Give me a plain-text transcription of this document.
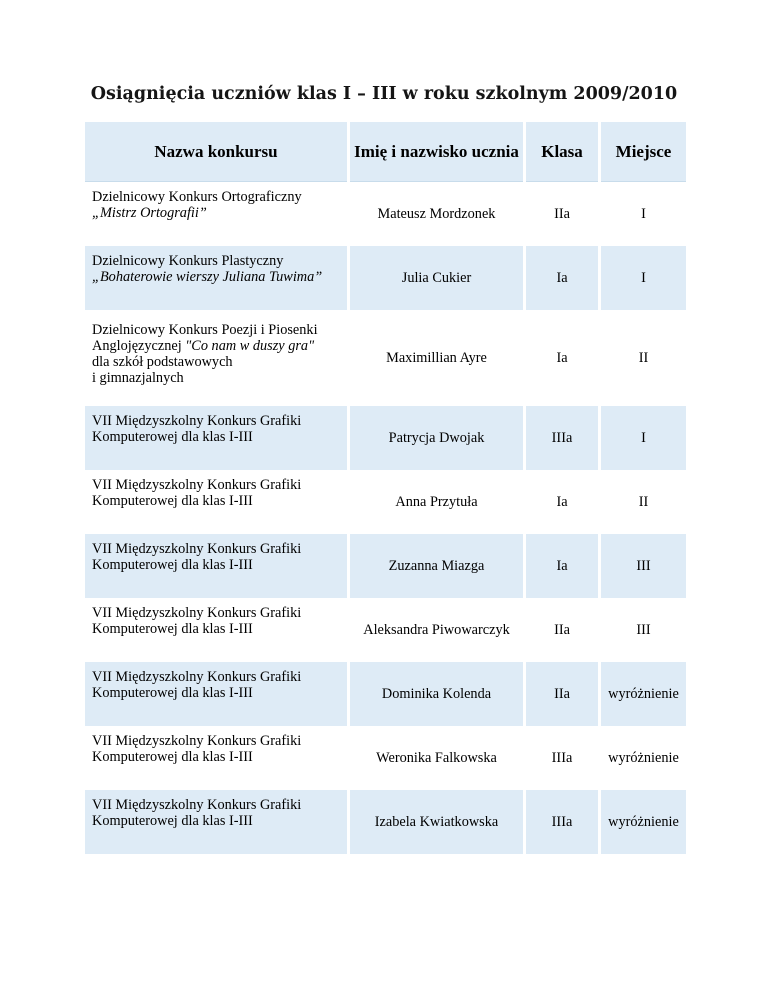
Osiągnięcia uczniów klas I – III w roku szkolnym 2009/2010
Nazwa konkursu	Imię i nazwisko ucznia	Klasa	Miejsce

Dzielnicowy Konkurs Ortograficzny
„Mistrz Ortografii”	Mateusz Mordzonek	IIa	I

Dzielnicowy Konkurs Plastyczny
„Bohaterowie wierszy Juliana Tuwima”	Julia Cukier	Ia	I

Dzielnicowy Konkurs Poezji i Piosenki
Anglojęzycznej "Co nam w duszy gra"
dla szkół podstawowych
i gimnazjalnych	Maximillian Ayre	Ia	II

VII Międzyszkolny Konkurs Grafiki
Komputerowej dla klas I-III	Patrycja Dwojak	IIIa	I

VII Międzyszkolny Konkurs Grafiki
Komputerowej dla klas I-III	Anna Przytuła	Ia	II

VII Międzyszkolny Konkurs Grafiki
Komputerowej dla klas I-III	Zuzanna Miazga	Ia	III

VII Międzyszkolny Konkurs Grafiki
Komputerowej dla klas I-III	Aleksandra Piwowarczyk	IIa	III

VII Międzyszkolny Konkurs Grafiki
Komputerowej dla klas I-III	Dominika Kolenda	IIa	wyróżnienie

VII Międzyszkolny Konkurs Grafiki
Komputerowej dla klas I-III	Weronika Falkowska	IIIa	wyróżnienie

VII Międzyszkolny Konkurs Grafiki
Komputerowej dla klas I-III	Izabela Kwiatkowska	IIIa	wyróżnienie
